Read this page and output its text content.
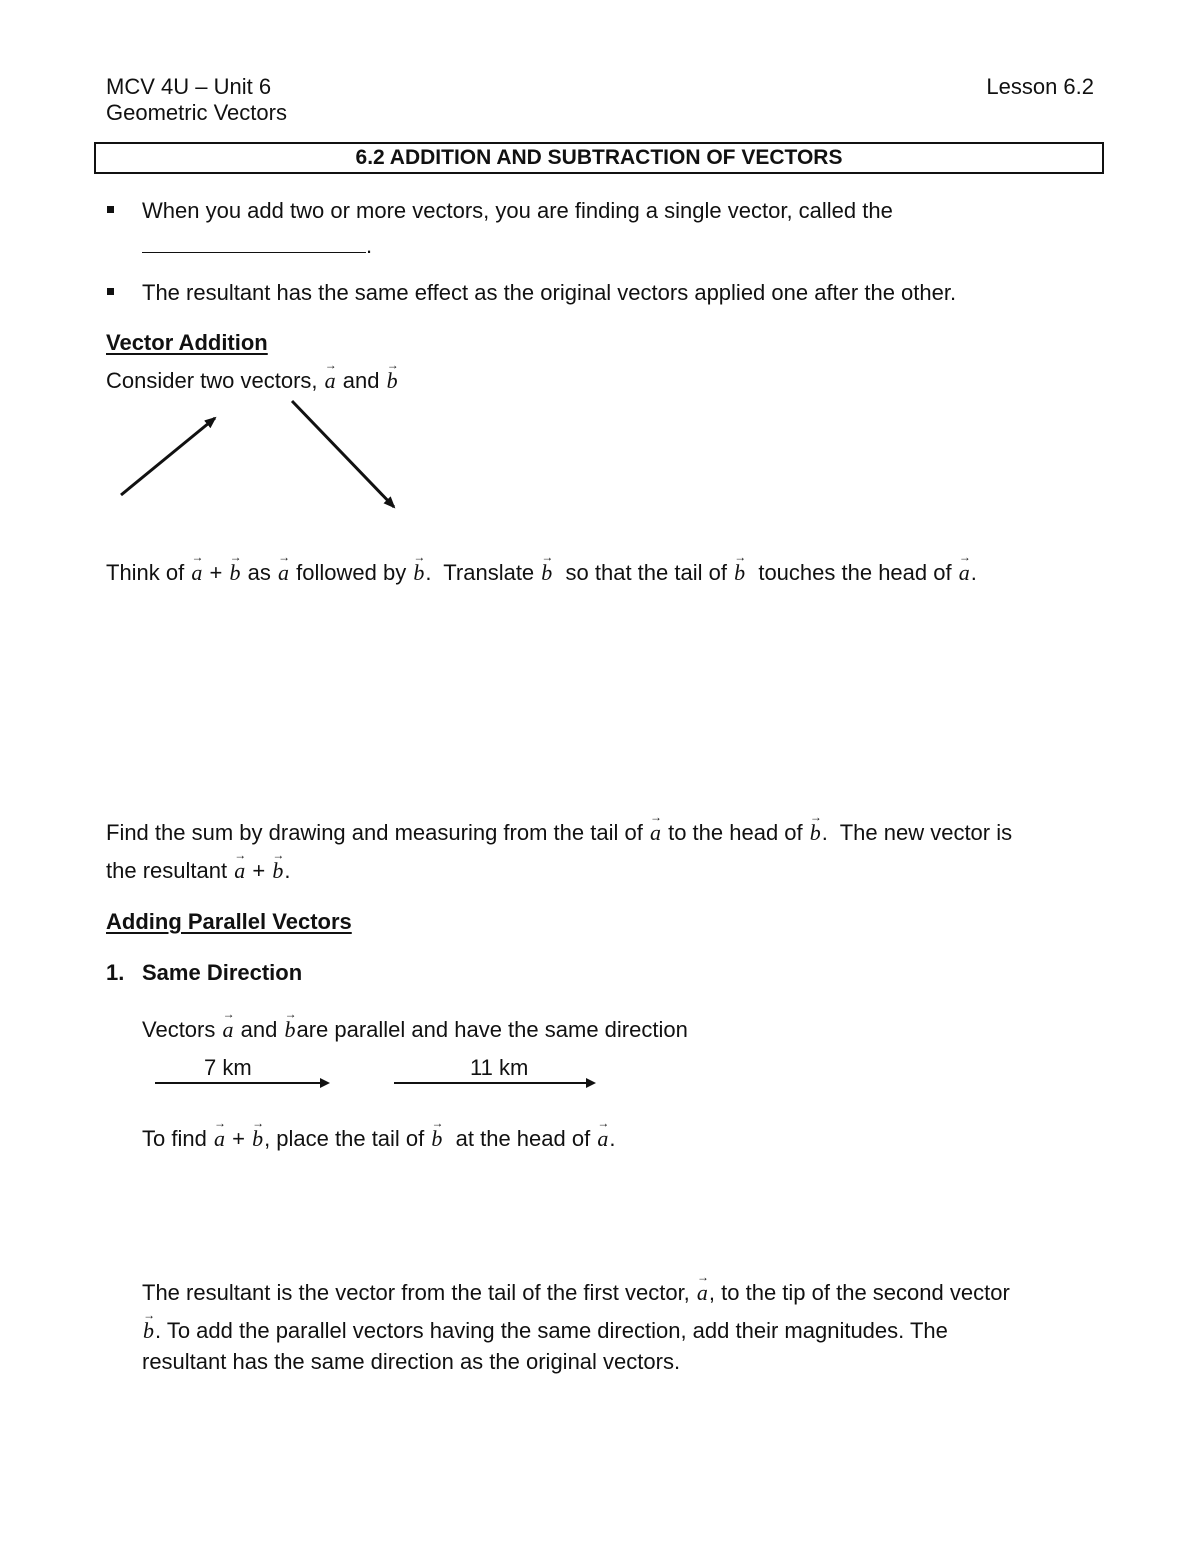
MCV 4U – Unit 6	Lesson 6.2
Geometric Vectors
6.2 ADDITION AND SUBTRACTION OF VECTORS
When you add two or more vectors, you are finding a single vector, called the
.
The resultant has the same effect as the original vectors applied one after the other.
Vector Addition
Consider two vectors, → a and → b
Think of → a + → b as → a followed by → b. Translate → b so that the tail of → b touches the head of → a.
Find the sum by drawing and measuring from the tail of → a to the head of → b. The new vector is
the resultant → a + → b.
Adding Parallel Vectors
1. Same Direction
Vectors → a and → bare parallel and have the same direction
7 km	11 km
To find → a + → b, place the tail of → b at the head of → a.
The resultant is the vector from the tail of the first vector, → a, to the tip of the second vector
→ b. To add the parallel vectors having the same direction, add their magnitudes. The
resultant has the same direction as the original vectors.
